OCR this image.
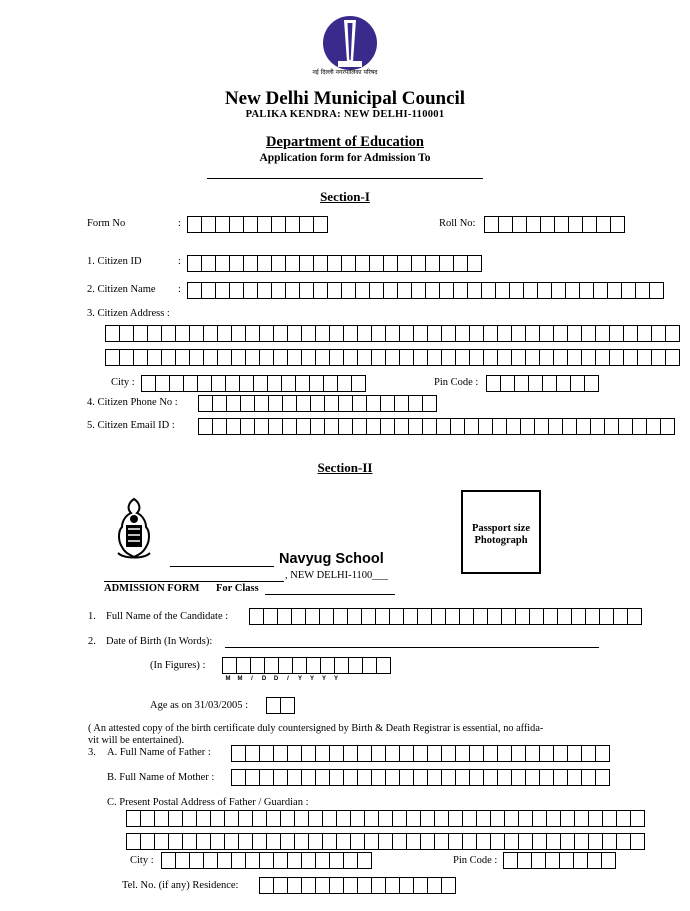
नई दिल्ली नगरपालिका परिषद
New Delhi Municipal Council
PALIKA KENDRA: NEW DELHI-110001
Department of Education
Application form for Admission To
Section-I
Form No	:	Roll No:
1. Citizen ID	:
2. Citizen Name :
3. Citizen Address :
City :	Pin Code :
4. Citizen Phone No :
5. Citizen Email ID :
Section-II
Passport size
Photograph
Navyug School
, NEW DELHI-1100___
ADMISSION FORM For Class
1. Full Name of the Candidate :
2. Date of Birth (In Words):
(In Figures) :
M	M	/	D	D	/	Y	Y	Y	Y
Age as on 31/03/2005 :
( An attested copy of the birth certificate duly countersigned by Birth & Death Registrar is essential, no affida-
vit will be entertained).
3. A. Full Name of Father :
B. Full Name of Mother :
C. Present Postal Address of Father / Guardian :
City :	Pin Code :
Tel. No. (if any) Residence:
